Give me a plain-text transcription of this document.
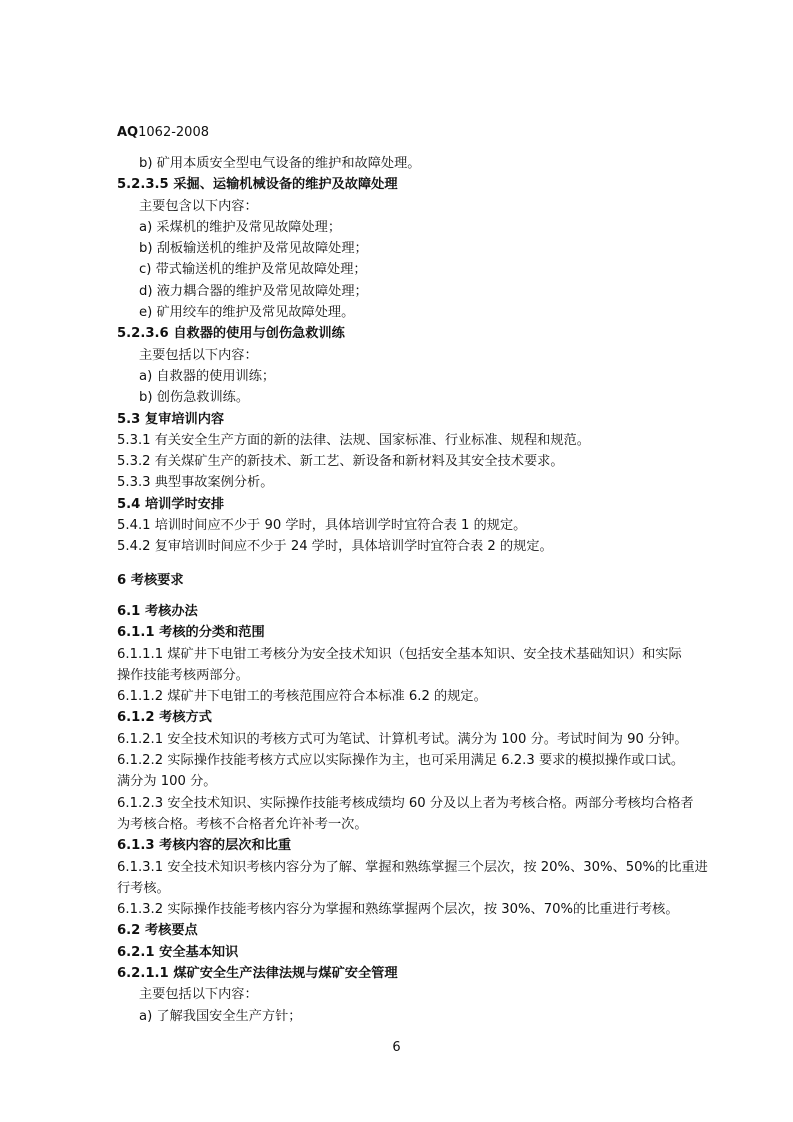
AQ1062-2008
b) 矿用本质安全型电气设备的维护和故障处理。
5.2.3.5 采掘、运输机械设备的维护及故障处理
主要包含以下内容：
a) 采煤机的维护及常见故障处理；
b) 刮板输送机的维护及常见故障处理；
c) 带式输送机的维护及常见故障处理；
d) 液力耦合器的维护及常见故障处理；
e) 矿用绞车的维护及常见故障处理。
5.2.3.6 自救器的使用与创伤急救训练
主要包括以下内容：
a) 自救器的使用训练；
b) 创伤急救训练。
5.3 复审培训内容
5.3.1 有关安全生产方面的新的法律、法规、国家标准、行业标准、规程和规范。
5.3.2 有关煤矿生产的新技术、新工艺、新设备和新材料及其安全技术要求。
5.3.3 典型事故案例分析。
5.4 培训学时安排
5.4.1 培训时间应不少于 90 学时，具体培训学时宜符合表 1 的规定。
5.4.2 复审培训时间应不少于 24 学时，具体培训学时宜符合表 2 的规定。
6 考核要求
6.1 考核办法
6.1.1 考核的分类和范围
6.1.1.1 煤矿井下电钳工考核分为安全技术知识（包括安全基本知识、安全技术基础知识）和实际
操作技能考核两部分。
6.1.1.2 煤矿井下电钳工的考核范围应符合本标准 6.2 的规定。
6.1.2 考核方式
6.1.2.1 安全技术知识的考核方式可为笔试、计算机考试。满分为 100 分。考试时间为 90 分钟。
6.1.2.2 实际操作技能考核方式应以实际操作为主，也可采用满足 6.2.3 要求的模拟操作或口试。
满分为 100 分。
6.1.2.3 安全技术知识、实际操作技能考核成绩均 60 分及以上者为考核合格。两部分考核均合格者
为考核合格。考核不合格者允许补考一次。
6.1.3 考核内容的层次和比重
6.1.3.1 安全技术知识考核内容分为了解、掌握和熟练掌握三个层次，按 20%、30%、50%的比重进
行考核。
6.1.3.2 实际操作技能考核内容分为掌握和熟练掌握两个层次，按 30%、70%的比重进行考核。
6.2 考核要点
6.2.1 安全基本知识
6.2.1.1 煤矿安全生产法律法规与煤矿安全管理
主要包括以下内容：
a) 了解我国安全生产方针；
6
